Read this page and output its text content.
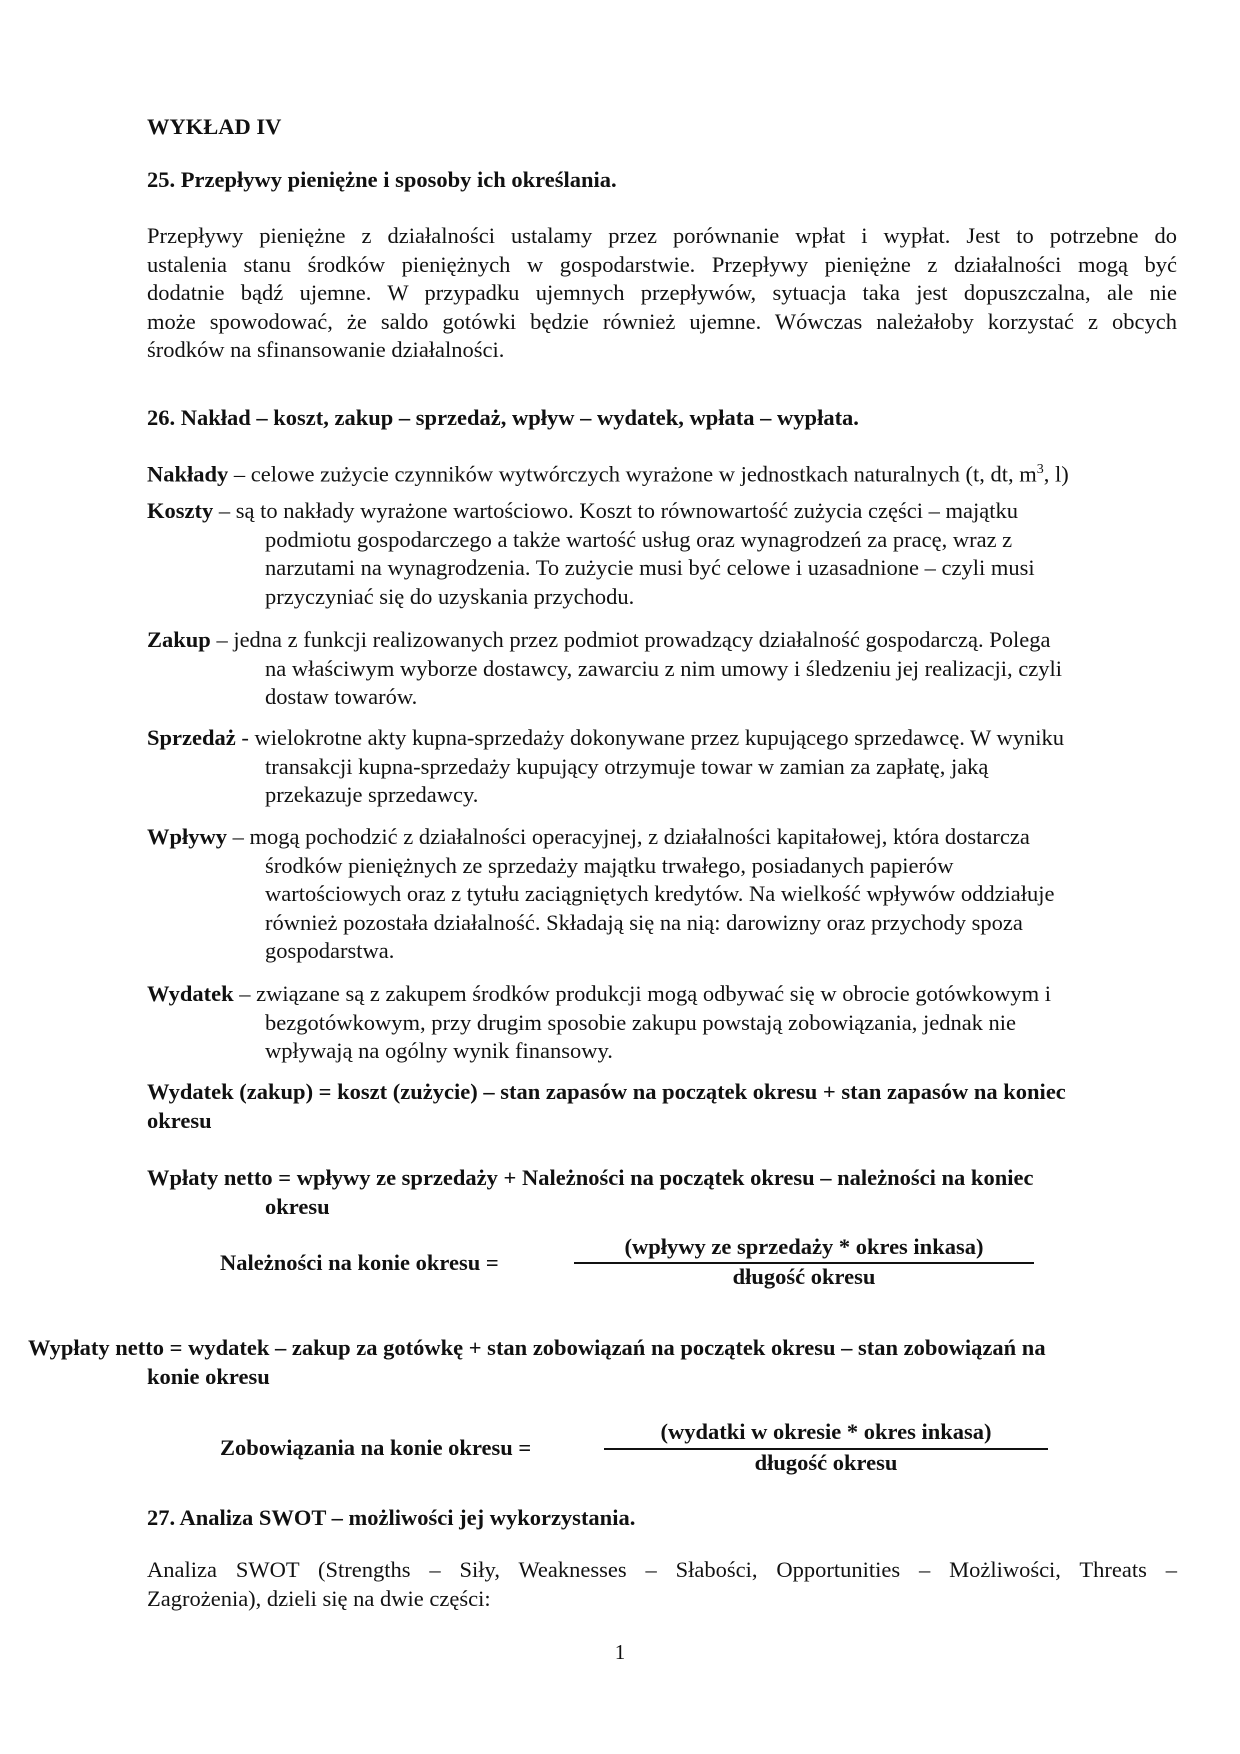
WYKŁAD IV
25. Przepływy pieniężne i sposoby ich określania.
Przepływy pieniężne z działalności ustalamy przez porównanie wpłat i wypłat. Jest to potrzebne do
ustalenia stanu środków pieniężnych w gospodarstwie. Przepływy pieniężne z działalności mogą być
dodatnie bądź ujemne. W przypadku ujemnych przepływów, sytuacja taka jest dopuszczalna, ale nie
może spowodować, że saldo gotówki będzie również ujemne. Wówczas należałoby korzystać z obcych
środków na sfinansowanie działalności.
26. Nakład – koszt, zakup – sprzedaż, wpływ – wydatek, wpłata – wypłata.
Nakłady – celowe zużycie czynników wytwórczych wyrażone w jednostkach naturalnych (t, dt, $m^3$, l)
Koszty – są to nakłady wyrażone wartościowo. Koszt to równowartość zużycia części – majątku
podmiotu gospodarczego a także wartość usług oraz wynagrodzeń za pracę, wraz z
narzutami na wynagrodzenia. To zużycie musi być celowe i uzasadnione – czyli musi
przyczyniać się do uzyskania przychodu.
Zakup – jedna z funkcji realizowanych przez podmiot prowadzący działalność gospodarczą. Polega
na właściwym wyborze dostawcy, zawarciu z nim umowy i śledzeniu jej realizacji, czyli
dostaw towarów.
Sprzedaż - wielokrotne akty kupna-sprzedaży dokonywane przez kupującego sprzedawcę. W wyniku
transakcji kupna-sprzedaży kupujący otrzymuje towar w zamian za zapłatę, jaką
przekazuje sprzedawcy.
Wpływy – mogą pochodzić z działalności operacyjnej, z działalności kapitałowej, która dostarcza
środków pieniężnych ze sprzedaży majątku trwałego, posiadanych papierów
wartościowych oraz z tytułu zaciągniętych kredytów. Na wielkość wpływów oddziałuje
również pozostała działalność. Składają się na nią: darowizny oraz przychody spoza
gospodarstwa.
Wydatek – związane są z zakupem środków produkcji mogą odbywać się w obrocie gotówkowym i
bezgotówkowym, przy drugim sposobie zakupu powstają zobowiązania, jednak nie
wpływają na ogólny wynik finansowy.
Wydatek (zakup) = koszt (zużycie) – stan zapasów na początek okresu + stan zapasów na koniec
okresu
Wpłaty netto = wpływy ze sprzedaży + Należności na początek okresu – należności na koniec
okresu
Należności na konie okresu =
(wpływy ze sprzedaży * okres inkasa)
długość okresu
Wypłaty netto = wydatek – zakup za gotówkę + stan zobowiązań na początek okresu – stan zobowiązań na
konie okresu
Zobowiązania na konie okresu =
(wydatki w okresie * okres inkasa)
długość okresu
27. Analiza SWOT – możliwości jej wykorzystania.
Analiza SWOT (Strengths – Siły, Weaknesses – Słabości, Opportunities – Możliwości, Threats –
Zagrożenia), dzieli się na dwie części:
1
